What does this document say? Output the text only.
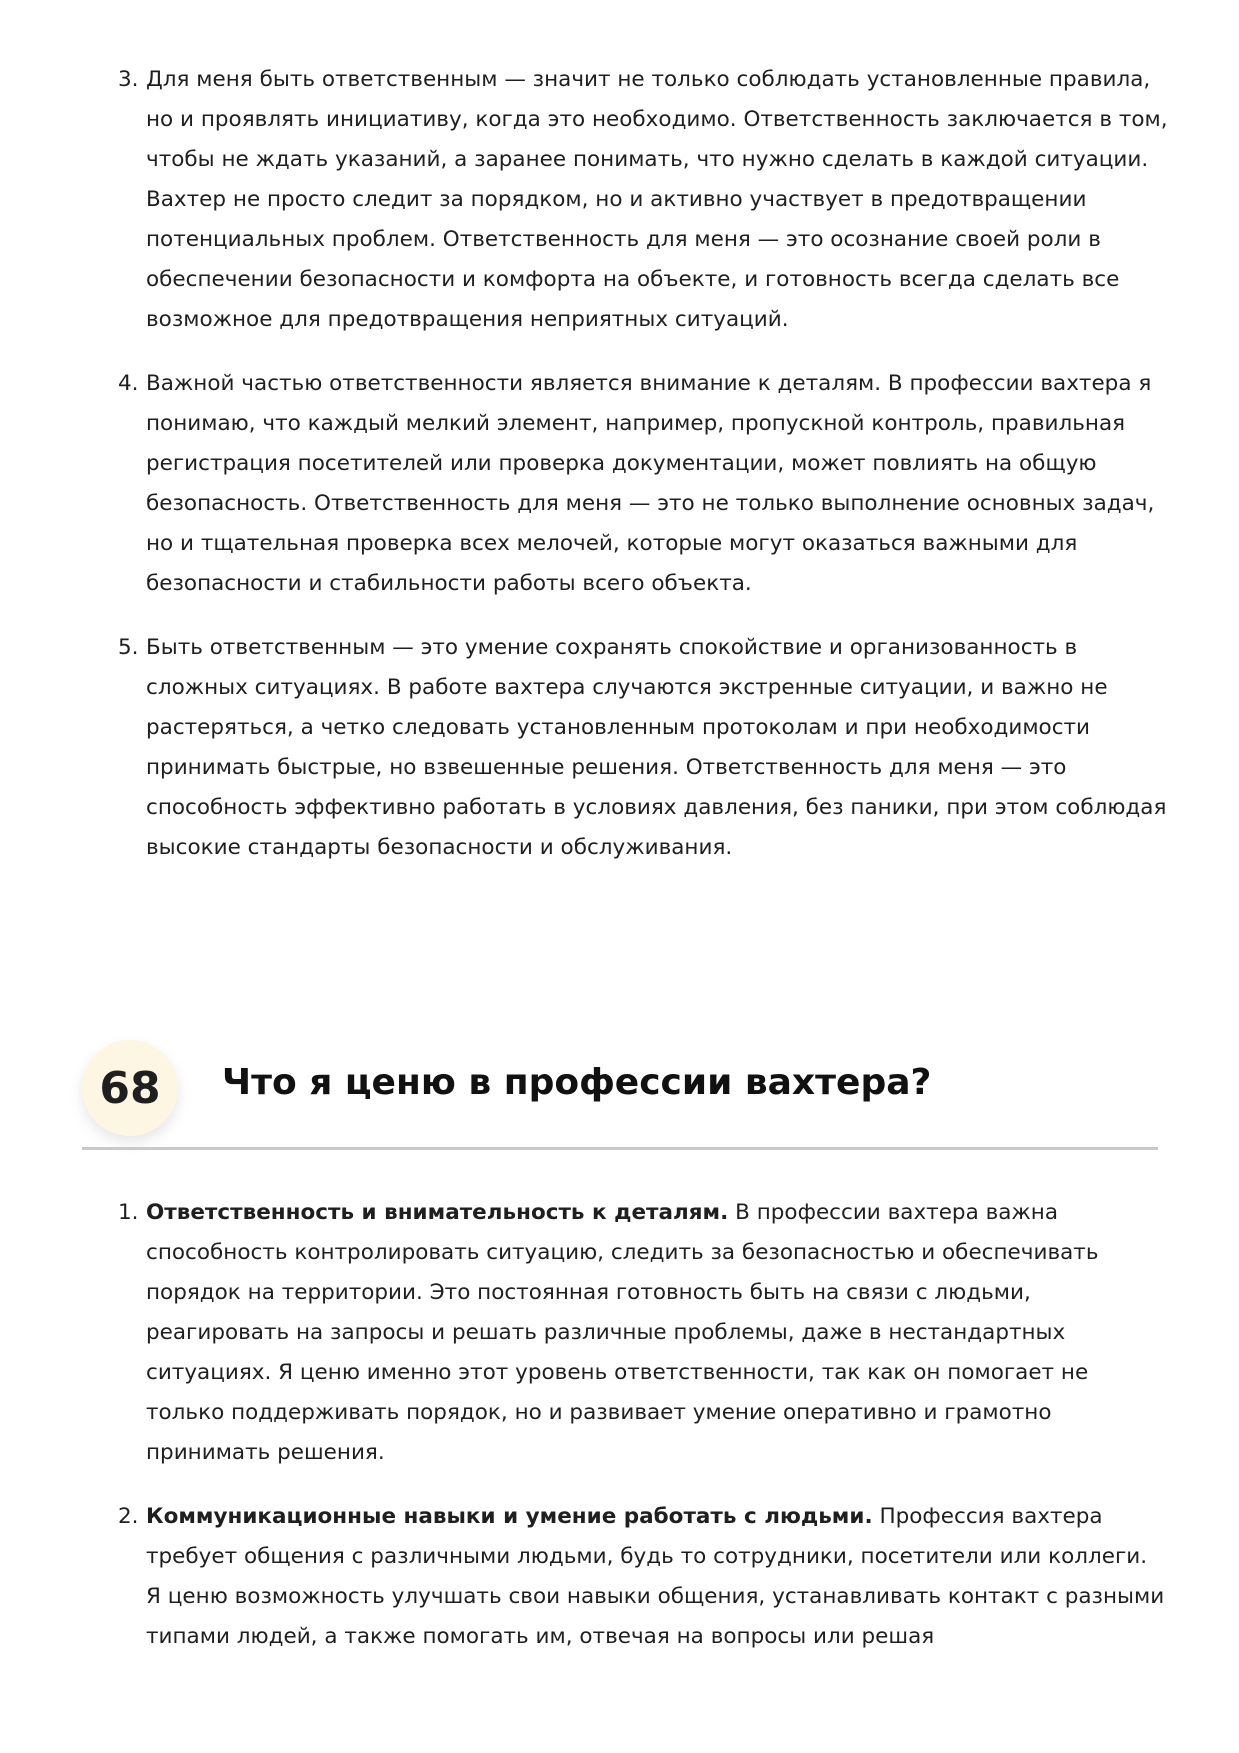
3. Для меня быть ответственным — значит не только соблюдать установленные правила, но и проявлять инициативу, когда это необходимо. Ответственность заключается в том, чтобы не ждать указаний, а заранее понимать, что нужно сделать в каждой ситуации. Вахтер не просто следит за порядком, но и активно участвует в предотвращении потенциальных проблем. Ответственность для меня — это осознание своей роли в обеспечении безопасности и комфорта на объекте, и готовность всегда сделать все возможное для предотвращения неприятных ситуаций.
4. Важной частью ответственности является внимание к деталям. В профессии вахтера я понимаю, что каждый мелкий элемент, например, пропускной контроль, правильная регистрация посетителей или проверка документации, может повлиять на общую безопасность. Ответственность для меня — это не только выполнение основных задач, но и тщательная проверка всех мелочей, которые могут оказаться важными для безопасности и стабильности работы всего объекта.
5. Быть ответственным — это умение сохранять спокойствие и организованность в сложных ситуациях. В работе вахтера случаются экстренные ситуации, и важно не растеряться, а четко следовать установленным протоколам и при необходимости принимать быстрые, но взвешенные решения. Ответственность для меня — это способность эффективно работать в условиях давления, без паники, при этом соблюдая высокие стандарты безопасности и обслуживания.
68	Что я ценю в профессии вахтера?
1. Ответственность и внимательность к деталям. В профессии вахтера важна способность контролировать ситуацию, следить за безопасностью и обеспечивать порядок на территории. Это постоянная готовность быть на связи с людьми, реагировать на запросы и решать различные проблемы, даже в нестандартных ситуациях. Я ценю именно этот уровень ответственности, так как он помогает не только поддерживать порядок, но и развивает умение оперативно и грамотно принимать решения.
2. Коммуникационные навыки и умение работать с людьми. Профессия вахтера требует общения с различными людьми, будь то сотрудники, посетители или коллеги. Я ценю возможность улучшать свои навыки общения, устанавливать контакт с разными типами людей, а также помогать им, отвечая на вопросы или решая
